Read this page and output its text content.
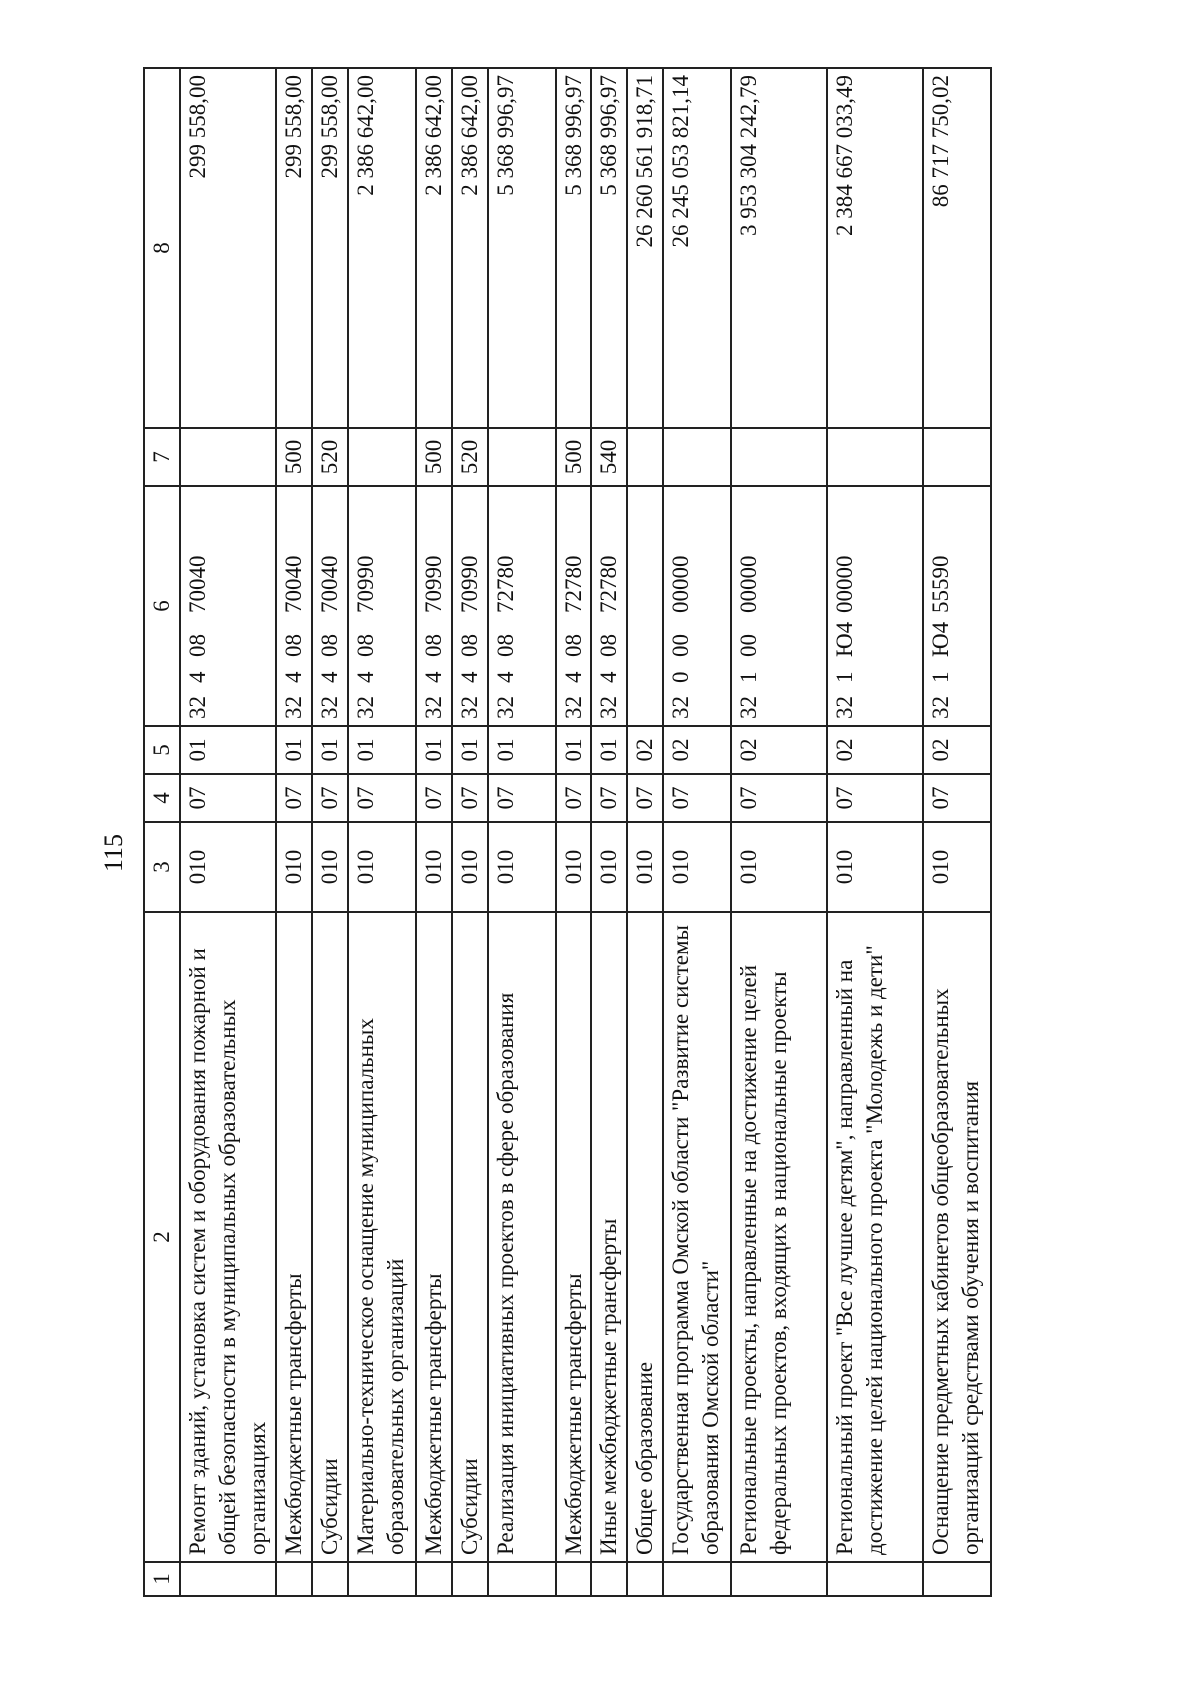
115
1	2	3	4	5	6	7	8
	Ремонт зданий, установка систем и оборудования пожарной и общей безопасности в муниципальных образовательных организациях	010	07	01	3240870040		299 558,00
	Межбюджетные трансферты	010	07	01	3240870040	500	299 558,00
	Субсидии	010	07	01	3240870040	520	299 558,00
	Материально-техническое оснащение муниципальных образовательных организаций	010	07	01	3240870990		2 386 642,00
	Межбюджетные трансферты	010	07	01	3240870990	500	2 386 642,00
	Субсидии	010	07	01	3240870990	520	2 386 642,00
	Реализация инициативных проектов в сфере образования	010	07	01	3240872780		5 368 996,97
	Межбюджетные трансферты	010	07	01	3240872780	500	5 368 996,97
	Иные межбюджетные трансферты	010	07	01	3240872780	540	5 368 996,97
	Общее образование	010	07	02			26 260 561 918,71
	Государственная программа Омской области "Развитие системы образования Омской области"	010	07	02	3200000000		26 245 053 821,14
	Региональные проекты, направленные на достижение целей федеральных проектов, входящих в национальные проекты	010	07	02	3210000000		3 953 304 242,79
	Региональный проект "Все лучшее детям", направленный на достижение целей национального проекта "Молодежь и дети"	010	07	02	321Ю400000		2 384 667 033,49
	Оснащение предметных кабинетов общеобразовательных организаций средствами обучения и воспитания	010	07	02	321Ю455590		86 717 750,02
